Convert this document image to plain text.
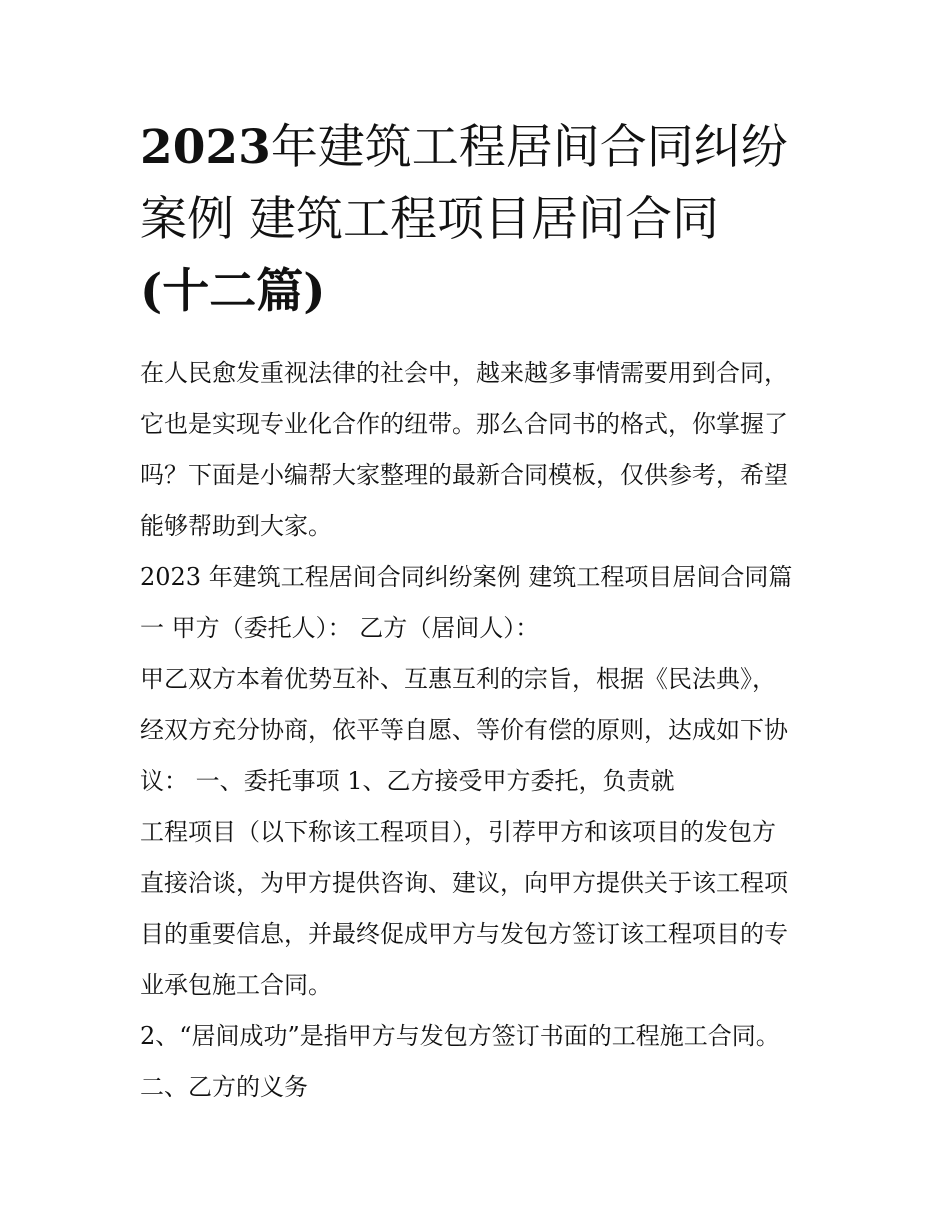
2023年建筑工程居间合同纠纷
案例 建筑工程项目居间合同
(十二篇)

在人民愈发重视法律的社会中，越来越多事情需要用到合同，

它也是实现专业化合作的纽带。那么合同书的格式，你掌握了

吗？下面是小编帮大家整理的最新合同模板，仅供参考，希望

能够帮助到大家。

2023 年建筑工程居间合同纠纷案例 建筑工程项目居间合同篇

一 甲方（委托人）： 乙方（居间人）：

甲乙双方本着优势互补、互惠互利的宗旨，根据《民法典》，

经双方充分协商，依平等自愿、等价有偿的原则，达成如下协

议： 一、委托事项 1、乙方接受甲方委托，负责就

工程项目（以下称该工程项目），引荐甲方和该项目的发包方

直接洽谈，为甲方提供咨询、建议，向甲方提供关于该工程项

目的重要信息，并最终促成甲方与发包方签订该工程项目的专

业承包施工合同。

2、“居间成功”是指甲方与发包方签订书面的工程施工合同。

二、乙方的义务
